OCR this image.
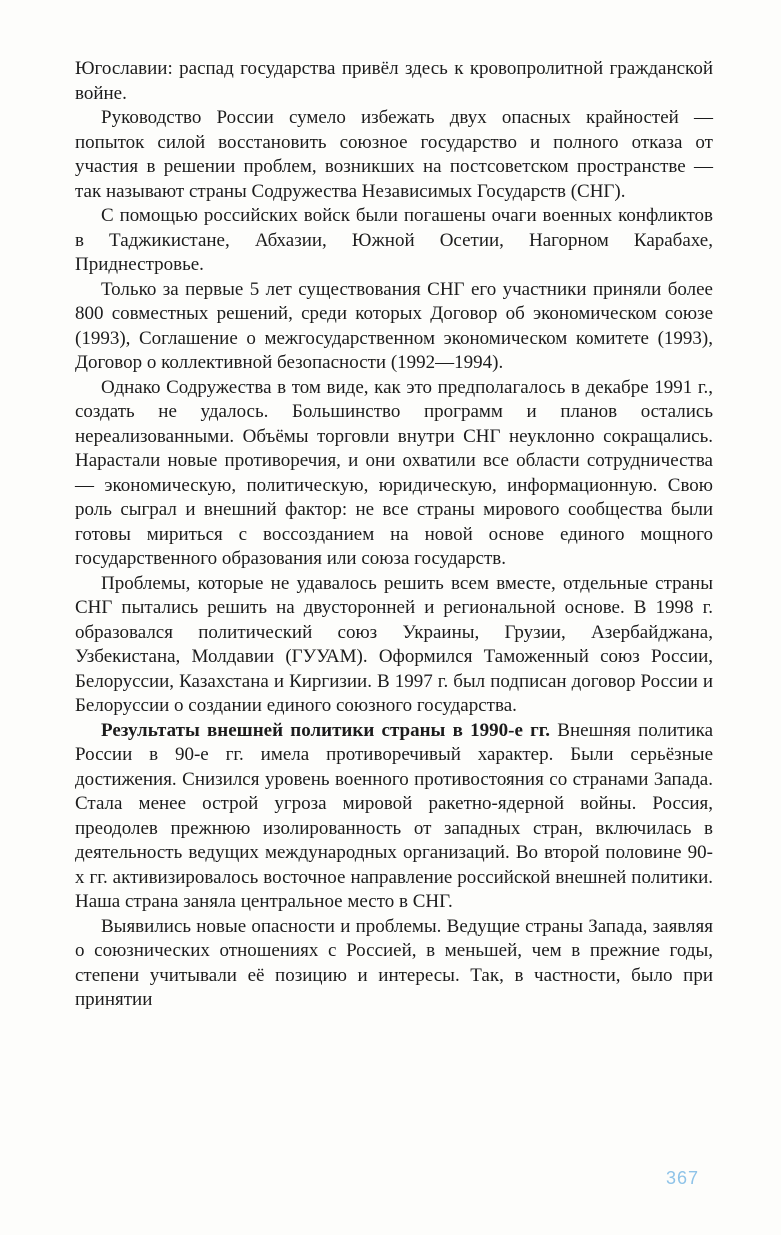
Югославии: распад государства привёл здесь к кровопролитной гражданской войне.

Руководство России сумело избежать двух опасных крайностей — попыток силой восстановить союзное государство и полного отказа от участия в решении проблем, возникших на постсоветском пространстве — так называют страны Содружества Независимых Государств (СНГ).

С помощью российских войск были погашены очаги военных конфликтов в Таджикистане, Абхазии, Южной Осетии, Нагорном Карабахе, Приднестровье.

Только за первые 5 лет существования СНГ его участники приняли более 800 совместных решений, среди которых Договор об экономическом союзе (1993), Соглашение о межгосударственном экономическом комитете (1993), Договор о коллективной безопасности (1992—1994).

Однако Содружества в том виде, как это предполагалось в декабре 1991 г., создать не удалось. Большинство программ и планов остались нереализованными. Объёмы торговли внутри СНГ неуклонно сокращались. Нарастали новые противоречия, и они охватили все области сотрудничества — экономическую, политическую, юридическую, информационную. Свою роль сыграл и внешний фактор: не все страны мирового сообщества были готовы мириться с воссозданием на новой основе единого мощного государственного образования или союза государств.

Проблемы, которые не удавалось решить всем вместе, отдельные страны СНГ пытались решить на двусторонней и региональной основе. В 1998 г. образовался политический союз Украины, Грузии, Азербайджана, Узбекистана, Молдавии (ГУУАМ). Оформился Таможенный союз России, Белоруссии, Казахстана и Киргизии. В 1997 г. был подписан договор России и Белоруссии о создании единого союзного государства.

Результаты внешней политики страны в 1990-е гг. Внешняя политика России в 90-е гг. имела противоречивый характер. Были серьёзные достижения. Снизился уровень военного противостояния со странами Запада. Стала менее острой угроза мировой ракетно-ядерной войны. Россия, преодолев прежнюю изолированность от западных стран, включилась в деятельность ведущих международных организаций. Во второй половине 90-х гг. активизировалось восточное направление российской внешней политики. Наша страна заняла центральное место в СНГ.

Выявились новые опасности и проблемы. Ведущие страны Запада, заявляя о союзнических отношениях с Россией, в меньшей, чем в прежние годы, степени учитывали её позицию и интересы. Так, в частности, было при принятии

367
